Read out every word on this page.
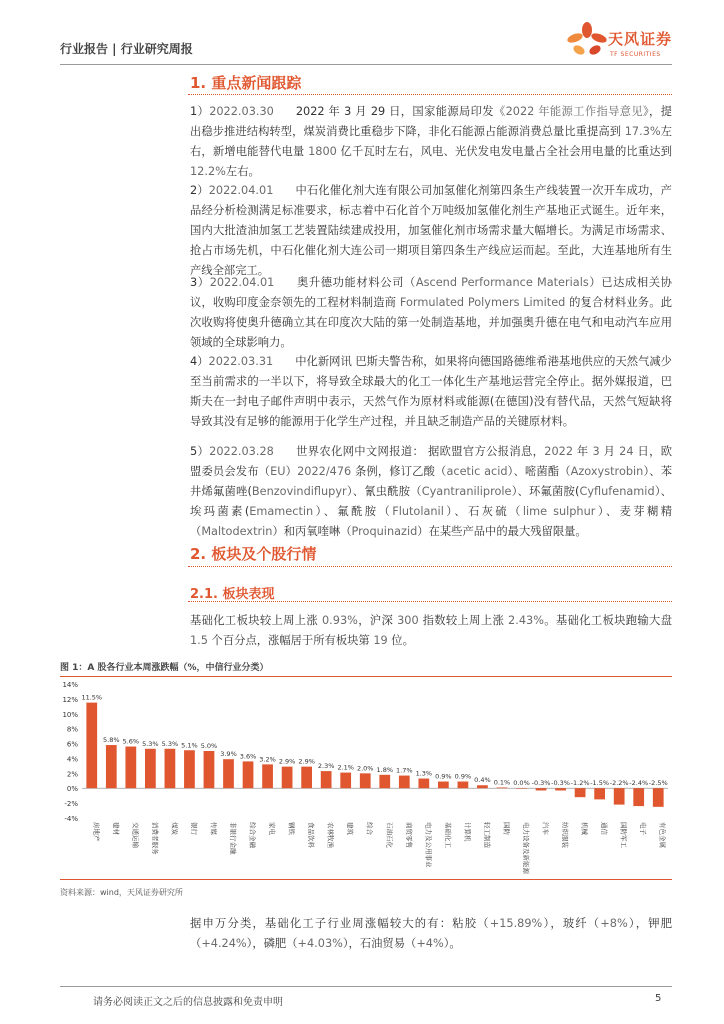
行业报告 | 行业研究周报
天风证券
TF SECURITIES
1. 重点新闻跟踪
1）2022.03.30 2022 年 3 月 29 日，国家能源局印发《2022 年能源工作指导意见》，提出稳步推进结构转型，煤炭消费比重稳步下降，非化石能源占能源消费总量比重提高到 17.3%左右，新增电能替代电量 1800 亿千瓦时左右，风电、光伏发电发电量占全社会用电量的比重达到 12.2%左右。
2）2022.04.01 中石化催化剂大连有限公司加氢催化剂第四条生产线装置一次开车成功，产品经分析检测满足标准要求，标志着中石化首个万吨级加氢催化剂生产基地正式诞生。近年来，国内大批渣油加氢工艺装置陆续建成投用，加氢催化剂市场需求量大幅增长。为满足市场需求、抢占市场先机，中石化催化剂大连公司一期项目第四条生产线应运而起。至此，大连基地所有生产线全部完工。
3）2022.04.01 奥升德功能材料公司（Ascend Performance Materials）已达成相关协议，收购印度金奈领先的工程材料制造商 Formulated Polymers Limited 的复合材料业务。此次收购将使奥升德确立其在印度次大陆的第一处制造基地，并加强奥升德在电气和电动汽车应用领域的全球影响力。
4）2022.03.31 中化新网讯 巴斯夫警告称，如果将向德国路德维希港基地供应的天然气减少至当前需求的一半以下，将导致全球最大的化工一体化生产基地运营完全停止。据外媒报道，巴斯夫在一封电子邮件声明中表示，天然气作为原材料或能源(在德国)没有替代品，天然气短缺将导致其没有足够的能源用于化学生产过程，并且缺乏制造产品的关键原材料。
5）2022.03.28 世界农化网中文网报道： 据欧盟官方公报消息，2022 年 3 月 24 日，欧盟委员会发布（EU）2022/476 条例，修订乙酸（acetic acid）、嘧菌酯（Azoxystrobin）、苯井烯氟菌唑(Benzovindiflupyr）、氰虫酰胺（Cyantraniliprole）、环氟菌胺(Cyflufenamid）、埃玛菌素(Emamectin）、氟酰胺（Flutolanil）、石灰硫（lime sulphur）、麦芽糊精（Maltodextrin）和丙氧喹啉（Proquinazid）在某些产品中的最大残留限量。
2. 板块及个股行情
2.1. 板块表现
基础化工板块较上周上涨 0.93%，沪深 300 指数较上周上涨 2.43%。基础化工板块跑输大盘 1.5 个百分点，涨幅居于所有板块第 19 位。
图 1：A 股各行业本周涨跌幅（%，中信行业分类）
14%
12%
10%
8%
6%
4%
2%
0%
-2%
-4%
11.5%
房地产
5.8%
建材
5.6%
交通运输
5.3%
消费者服务
5.3%
煤炭
5.1%
银行
5.0%
传媒
3.9%
非银行金融
3.6%
综合金融
3.2%
家电
2.9%
钢铁
2.9%
食品饮料
2.3%
农林牧渔
2.1%
建筑
2.0%
综合
1.8%
石油石化
1.7%
商贸零售
1.3%
电力及公用事业
0.9%
基础化工
0.9%
计算机
0.4%
轻工制造
0.1%
国防
0.0%
电力设备及新能源
-0.3%
汽车
-0.3%
纺织服装
-1.2%
机械
-1.5%
通信
-2.2%
国防军工
-2.4%
电子
-2.5%
有色金属
资料来源：wind，天风证券研究所
据申万分类，基础化工子行业周涨幅较大的有：粘胶（+15.89%），玻纤（+8%），钾肥（+4.24%），磷肥（+4.03%），石油贸易（+4%）。
请务必阅读正文之后的信息披露和免责申明	5
